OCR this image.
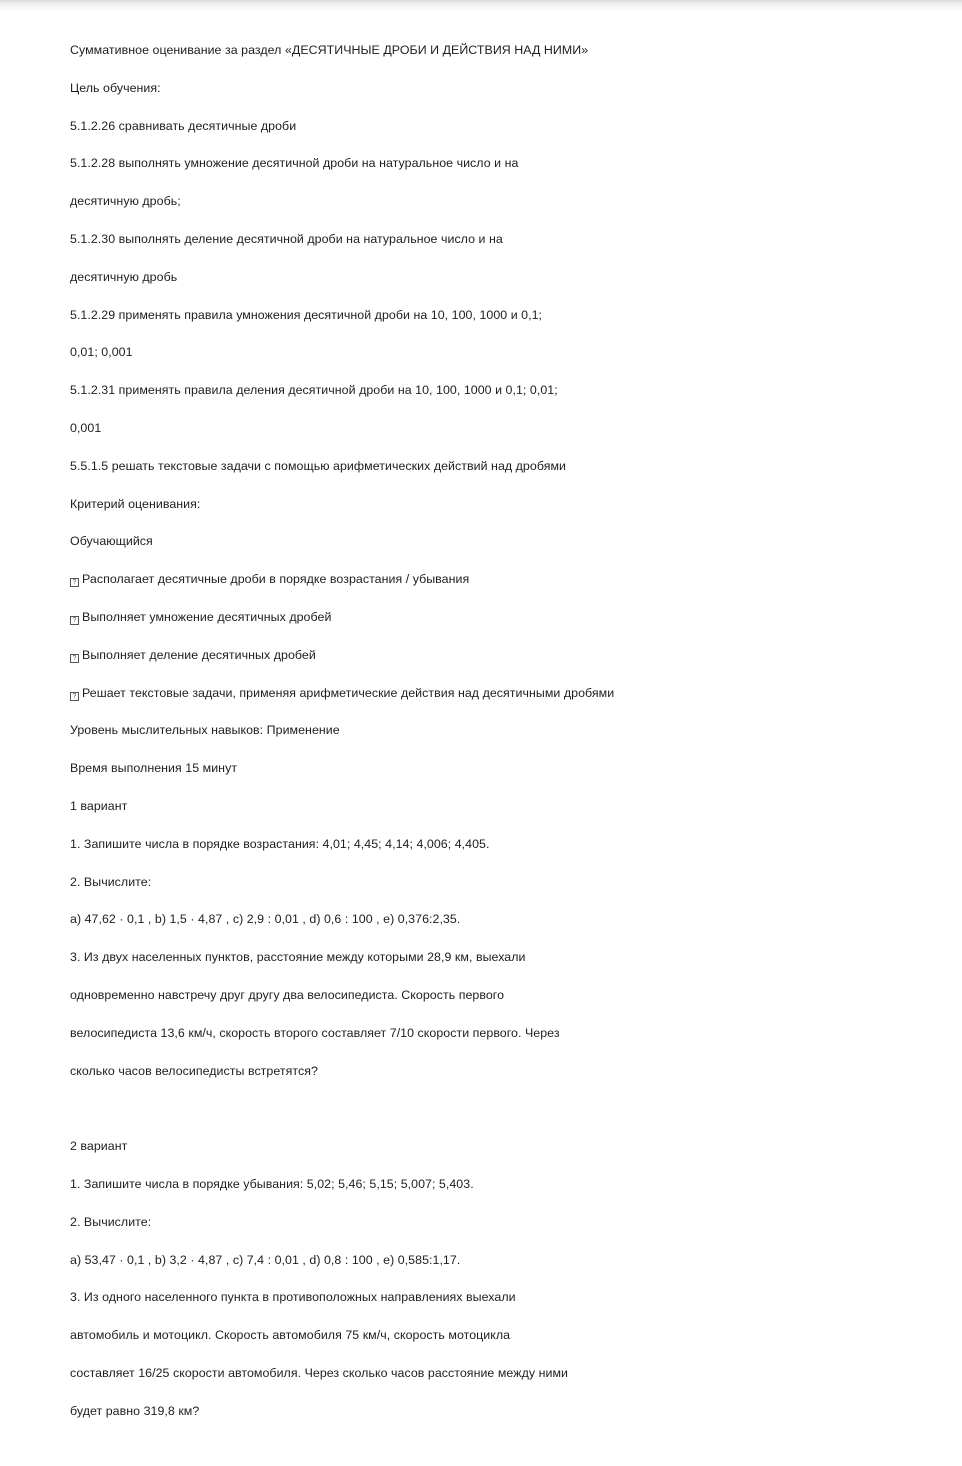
Суммативное оценивание за раздел «ДЕСЯТИЧНЫЕ ДРОБИ И ДЕЙСТВИЯ НАД НИМИ»
Цель обучения:
5.1.2.26 сравнивать десятичные дроби
5.1.2.28 выполнять умножение десятичной дроби на натуральное число и на
десятичную дробь;
5.1.2.30 выполнять деление десятичной дроби на натуральное число и на
десятичную дробь
5.1.2.29 применять правила умножения десятичной дроби на 10, 100, 1000 и 0,1;
0,01; 0,001
5.1.2.31 применять правила деления десятичной дроби на 10, 100, 1000 и 0,1; 0,01;
0,001
5.5.1.5 решать текстовые задачи с помощью арифметических действий над дробями
Критерий оценивания:
Обучающийся
? Располагает десятичные дроби в порядке возрастания / убывания
? Выполняет умножение десятичных дробей
? Выполняет деление десятичных дробей
? Решает текстовые задачи, применяя арифметические действия над десятичными дробями
Уровень мыслительных навыков: Применение
Время выполнения 15 минут
1 вариант
1. Запишите числа в порядке возрастания: 4,01; 4,45; 4,14; 4,006; 4,405.
2. Вычислите:
а) 47,62 · 0,1 , b) 1,5 · 4,87 , c) 2,9 : 0,01 , d) 0,6 : 100 , e) 0,376:2,35.
3. Из двух населенных пунктов, расстояние между которыми 28,9 км, выехали
одновременно навстречу друг другу два велосипедиста. Скорость первого
велосипедиста 13,6 км/ч, скорость второго составляет 7/10 скорости первого. Через
сколько часов велосипедисты встретятся?
2 вариант
1. Запишите числа в порядке убывания: 5,02; 5,46; 5,15; 5,007; 5,403.
2. Вычислите:
а) 53,47 · 0,1 , b) 3,2 · 4,87 , c) 7,4 : 0,01 , d) 0,8 : 100 , e) 0,585:1,17.
3. Из одного населенного пункта в противоположных направлениях выехали
автомобиль и мотоцикл. Скорость автомобиля 75 км/ч, скорость мотоцикла
составляет 16/25 скорости автомобиля. Через сколько часов расстояние между ними
будет равно 319,8 км?
